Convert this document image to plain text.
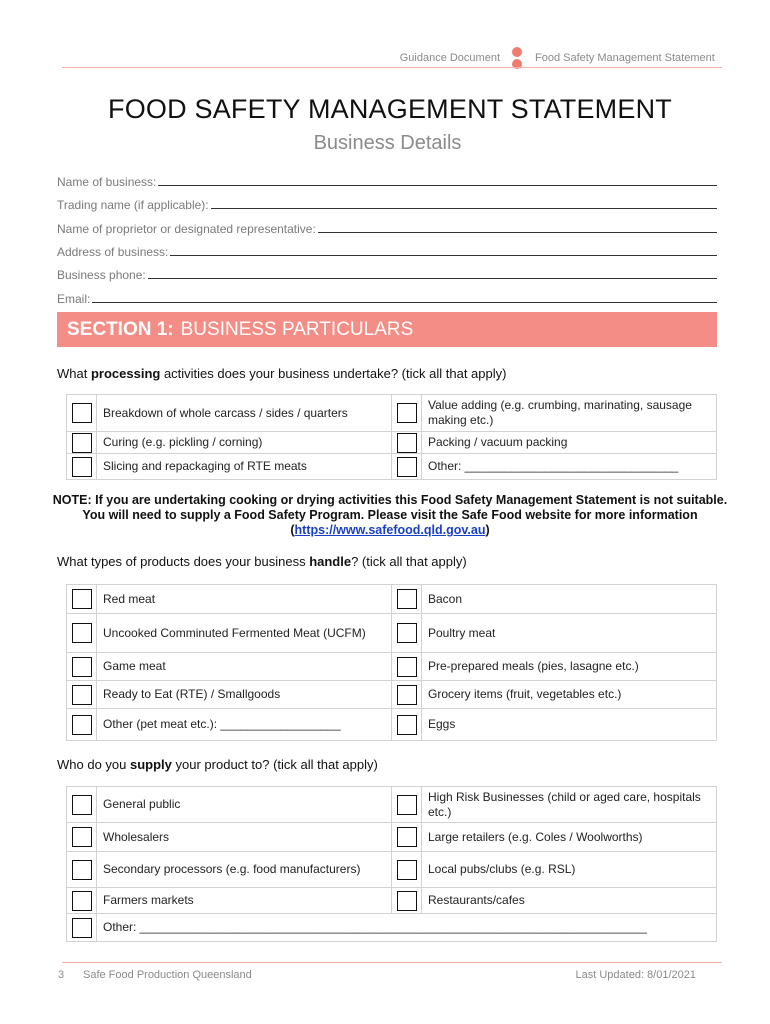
Guidance Document	Food Safety Management Statement
FOOD SAFETY MANAGEMENT STATEMENT
Business Details
Name of business:
Trading name (if applicable):
Name of proprietor or designated representative:
Address of business:
Business phone:
Email:
SECTION 1: BUSINESS PARTICULARS
What processing activities does your business undertake? (tick all that apply)
	Breakdown of whole carcass / sides / quarters		Value adding (e.g. crumbing, marinating, sausage making etc.)
	Curing (e.g. pickling / corning)		Packing / vacuum packing
	Slicing and repackaging of RTE meats		Other: ________________________________
NOTE: If you are undertaking cooking or drying activities this Food Safety Management Statement is not suitable. You will need to supply a Food Safety Program. Please visit the Safe Food website for more information (https://www.safefood.qld.gov.au)
What types of products does your business handle? (tick all that apply)
	Red meat		Bacon
	Uncooked Comminuted Fermented Meat (UCFM)		Poultry meat
	Game meat		Pre-prepared meals (pies, lasagne etc.)
	Ready to Eat (RTE) / Smallgoods		Grocery items (fruit, vegetables etc.)
	Other (pet meat etc.): __________________		Eggs
Who do you supply your product to? (tick all that apply)
	General public		High Risk Businesses (child or aged care, hospitals etc.)
	Wholesalers		Large retailers (e.g. Coles / Woolworths)
	Secondary processors (e.g. food manufacturers)		Local pubs/clubs (e.g. RSL)
	Farmers markets		Restaurants/cafes
	Other: ____________________________________________________________________________		
3 Safe Food Production Queensland	Last Updated: 8/01/2021
